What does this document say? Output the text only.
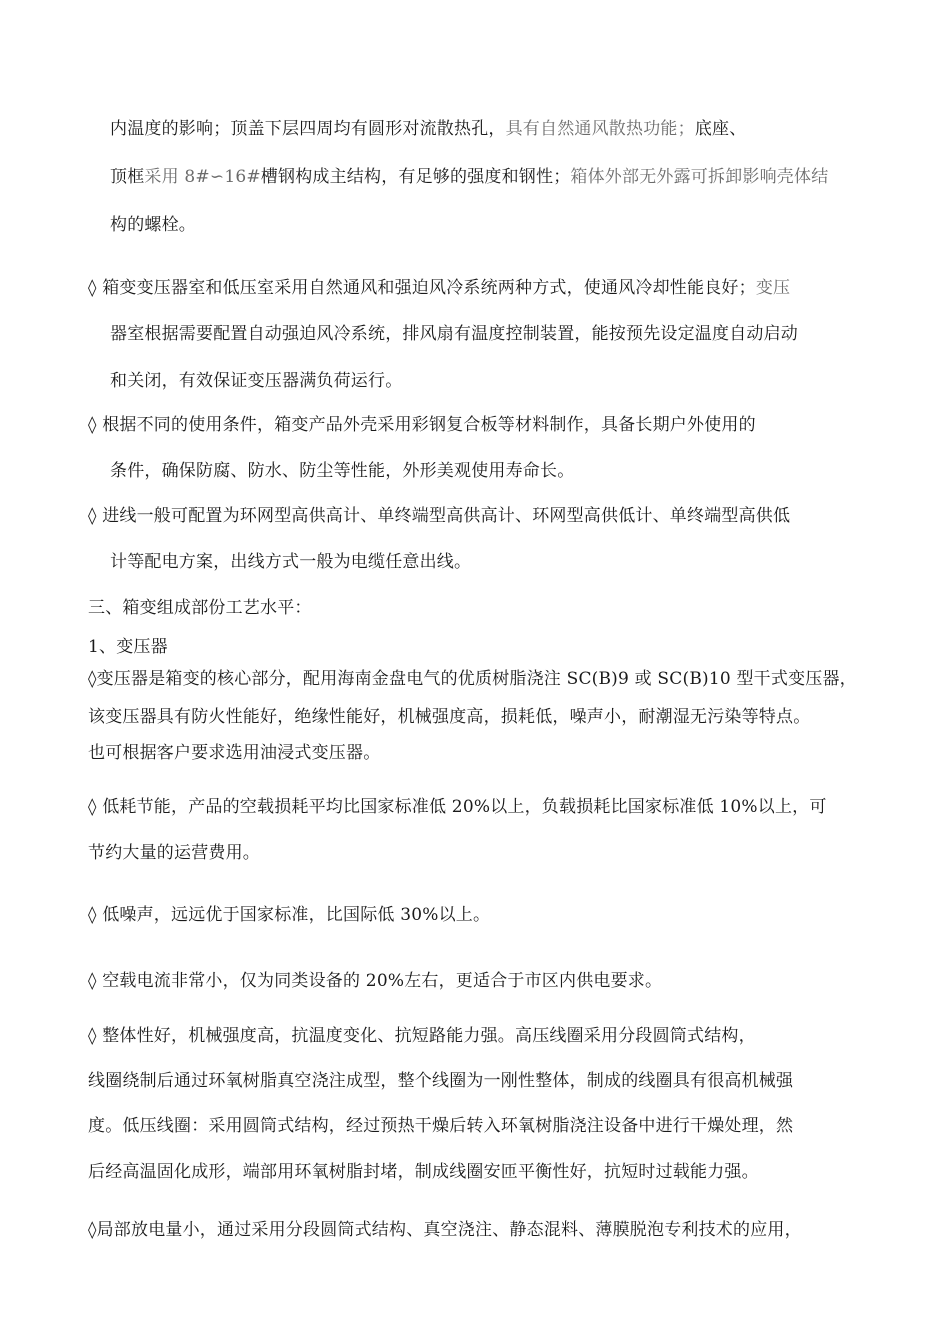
内温度的影响；顶盖下层四周均有圆形对流散热孔，具有自然通风散热功能；底座、
顶框采用 8#∽16#槽钢构成主结构，有足够的强度和钢性；箱体外部无外露可拆卸影响壳体结
构的螺栓。
◊ 箱变变压器室和低压室采用自然通风和强迫风冷系统两种方式，使通风冷却性能良好；变压
器室根据需要配置自动强迫风冷系统，排风扇有温度控制装置，能按预先设定温度自动启动
和关闭，有效保证变压器满负荷运行。
◊ 根据不同的使用条件，箱变产品外壳采用彩钢复合板等材料制作，具备长期户外使用的
条件，确保防腐、防水、防尘等性能，外形美观使用寿命长。
◊ 进线一般可配置为环网型高供高计、单终端型高供高计、环网型高供低计、单终端型高供低
计等配电方案，出线方式一般为电缆任意出线。
三、箱变组成部份工艺水平：
1、变压器
◊变压器是箱变的核心部分，配用海南金盘电气的优质树脂浇注 SC(B)9 或 SC(B)10 型干式变压器，
该变压器具有防火性能好，绝缘性能好，机械强度高，损耗低，噪声小，耐潮湿无污染等特点。
也可根据客户要求选用油浸式变压器。
◊ 低耗节能，产品的空载损耗平均比国家标准低 20%以上，负载损耗比国家标准低 10%以上，可
节约大量的运营费用。
◊ 低噪声，远远优于国家标准，比国际低 30%以上。
◊ 空载电流非常小，仅为同类设备的 20%左右，更适合于市区内供电要求。
◊ 整体性好，机械强度高，抗温度变化、抗短路能力强。高压线圈采用分段圆筒式结构，
线圈绕制后通过环氧树脂真空浇注成型，整个线圈为一刚性整体，制成的线圈具有很高机械强
度。低压线圈：采用圆筒式结构，经过预热干燥后转入环氧树脂浇注设备中进行干燥处理，然
后经高温固化成形，端部用环氧树脂封堵，制成线圈安匝平衡性好，抗短时过载能力强。
◊局部放电量小，通过采用分段圆筒式结构、真空浇注、静态混料、薄膜脱泡专利技术的应用，
